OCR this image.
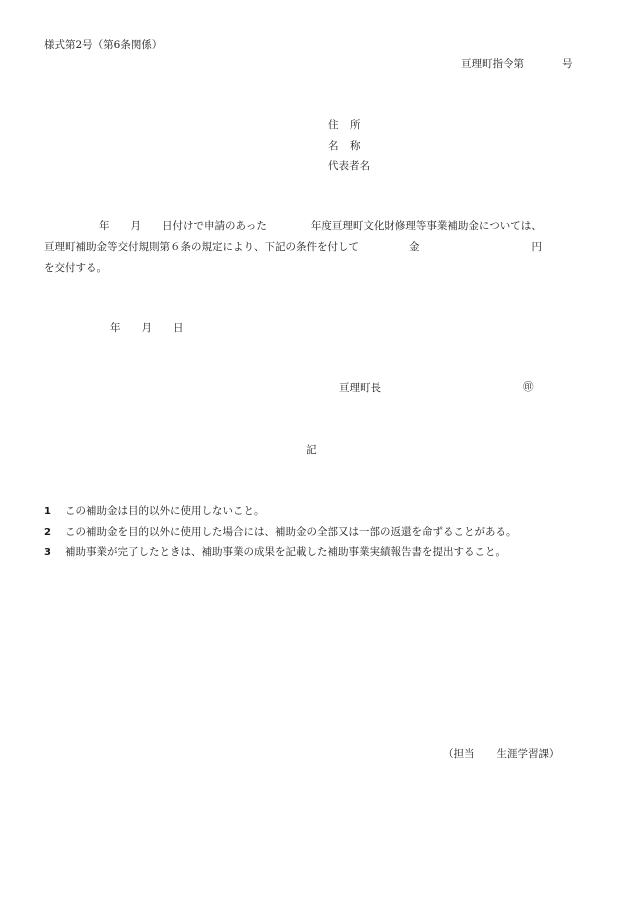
様式第2号（第6条関係）
亘理町指令第	号
住 所
名 称
代表者名
年 月 日付けで申請のあった	年度亘理町文化財修理等事業補助金については、
亘理町補助金等交付規則第６条の規定により、下記の条件を付して	金	円
を交付する。
年 月 日
亘理町長	㊞
記
1 この補助金は目的以外に使用しないこと。
2 この補助金を目的以外に使用した場合には、補助金の全部又は一部の返還を命ずることがある。
3 補助事業が完了したときは、補助事業の成果を記載した補助事業実績報告書を提出すること。
（担当 生涯学習課）
